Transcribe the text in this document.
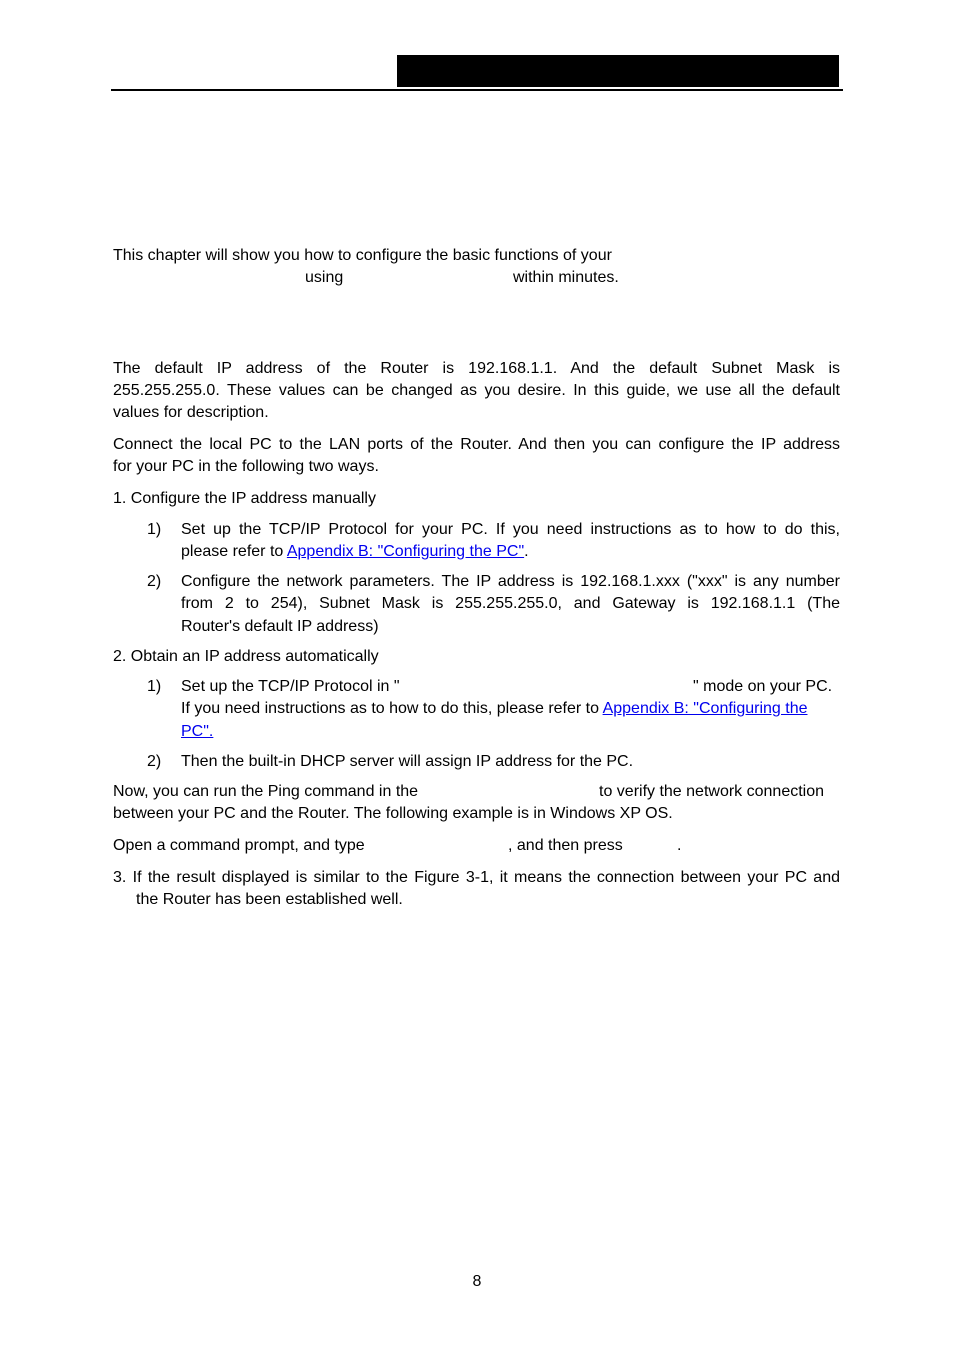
This chapter will show you how to configure the basic functions of your
using	within minutes.
The default IP address of the Router is 192.168.1.1. And the default Subnet Mask is
255.255.255.0. These values can be changed as you desire. In this guide, we use all the default
values for description.
Connect the local PC to the LAN ports of the Router. And then you can configure the IP address
for your PC in the following two ways.
1. Configure the IP address manually
1) Set up the TCP/IP Protocol for your PC. If you need instructions as to how to do this,
please refer to Appendix B: "Configuring the PC".
2) Configure the network parameters. The IP address is 192.168.1.xxx ("xxx" is any number
from 2 to 254), Subnet Mask is 255.255.255.0, and Gateway is 192.168.1.1 (The
Router's default IP address)
2. Obtain an IP address automatically
1) Set up the TCP/IP Protocol in "	" mode on your PC.
If you need instructions as to how to do this, please refer to Appendix B: "Configuring the
PC".
2) Then the built-in DHCP server will assign IP address for the PC.
Now, you can run the Ping command in the	to verify the network connection
between your PC and the Router. The following example is in Windows XP OS.
Open a command prompt, and type	, and then press	.
3. If the result displayed is similar to the Figure 3-1, it means the connection between your PC and
the Router has been established well.
8
